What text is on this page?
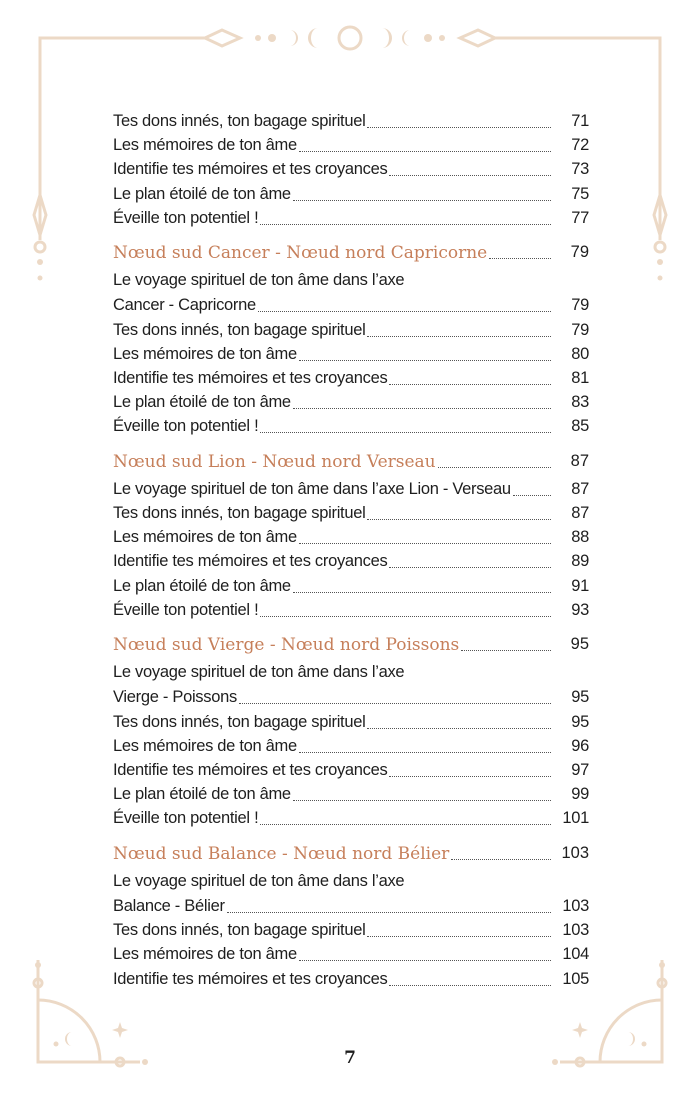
Tes dons innés, ton bagage spirituel	71
Les mémoires de ton âme	72
Identifie tes mémoires et tes croyances	73
Le plan étoilé de ton âme	75
Éveille ton potentiel !	77
Nœud sud Cancer - Nœud nord Capricorne	79
Le voyage spirituel de ton âme dans l’axe
Cancer - Capricorne	79
Tes dons innés, ton bagage spirituel	79
Les mémoires de ton âme	80
Identifie tes mémoires et tes croyances	81
Le plan étoilé de ton âme	83
Éveille ton potentiel !	85
Nœud sud Lion - Nœud nord Verseau	87
Le voyage spirituel de ton âme dans l’axe Lion - Verseau	87
Tes dons innés, ton bagage spirituel	87
Les mémoires de ton âme	88
Identifie tes mémoires et tes croyances	89
Le plan étoilé de ton âme	91
Éveille ton potentiel !	93
Nœud sud Vierge - Nœud nord Poissons	95
Le voyage spirituel de ton âme dans l’axe
Vierge - Poissons	95
Tes dons innés, ton bagage spirituel	95
Les mémoires de ton âme	96
Identifie tes mémoires et tes croyances	97
Le plan étoilé de ton âme	99
Éveille ton potentiel !	101
Nœud sud Balance - Nœud nord Bélier	103
Le voyage spirituel de ton âme dans l’axe
Balance - Bélier	103
Tes dons innés, ton bagage spirituel	103
Les mémoires de ton âme	104
Identifie tes mémoires et tes croyances	105
7
